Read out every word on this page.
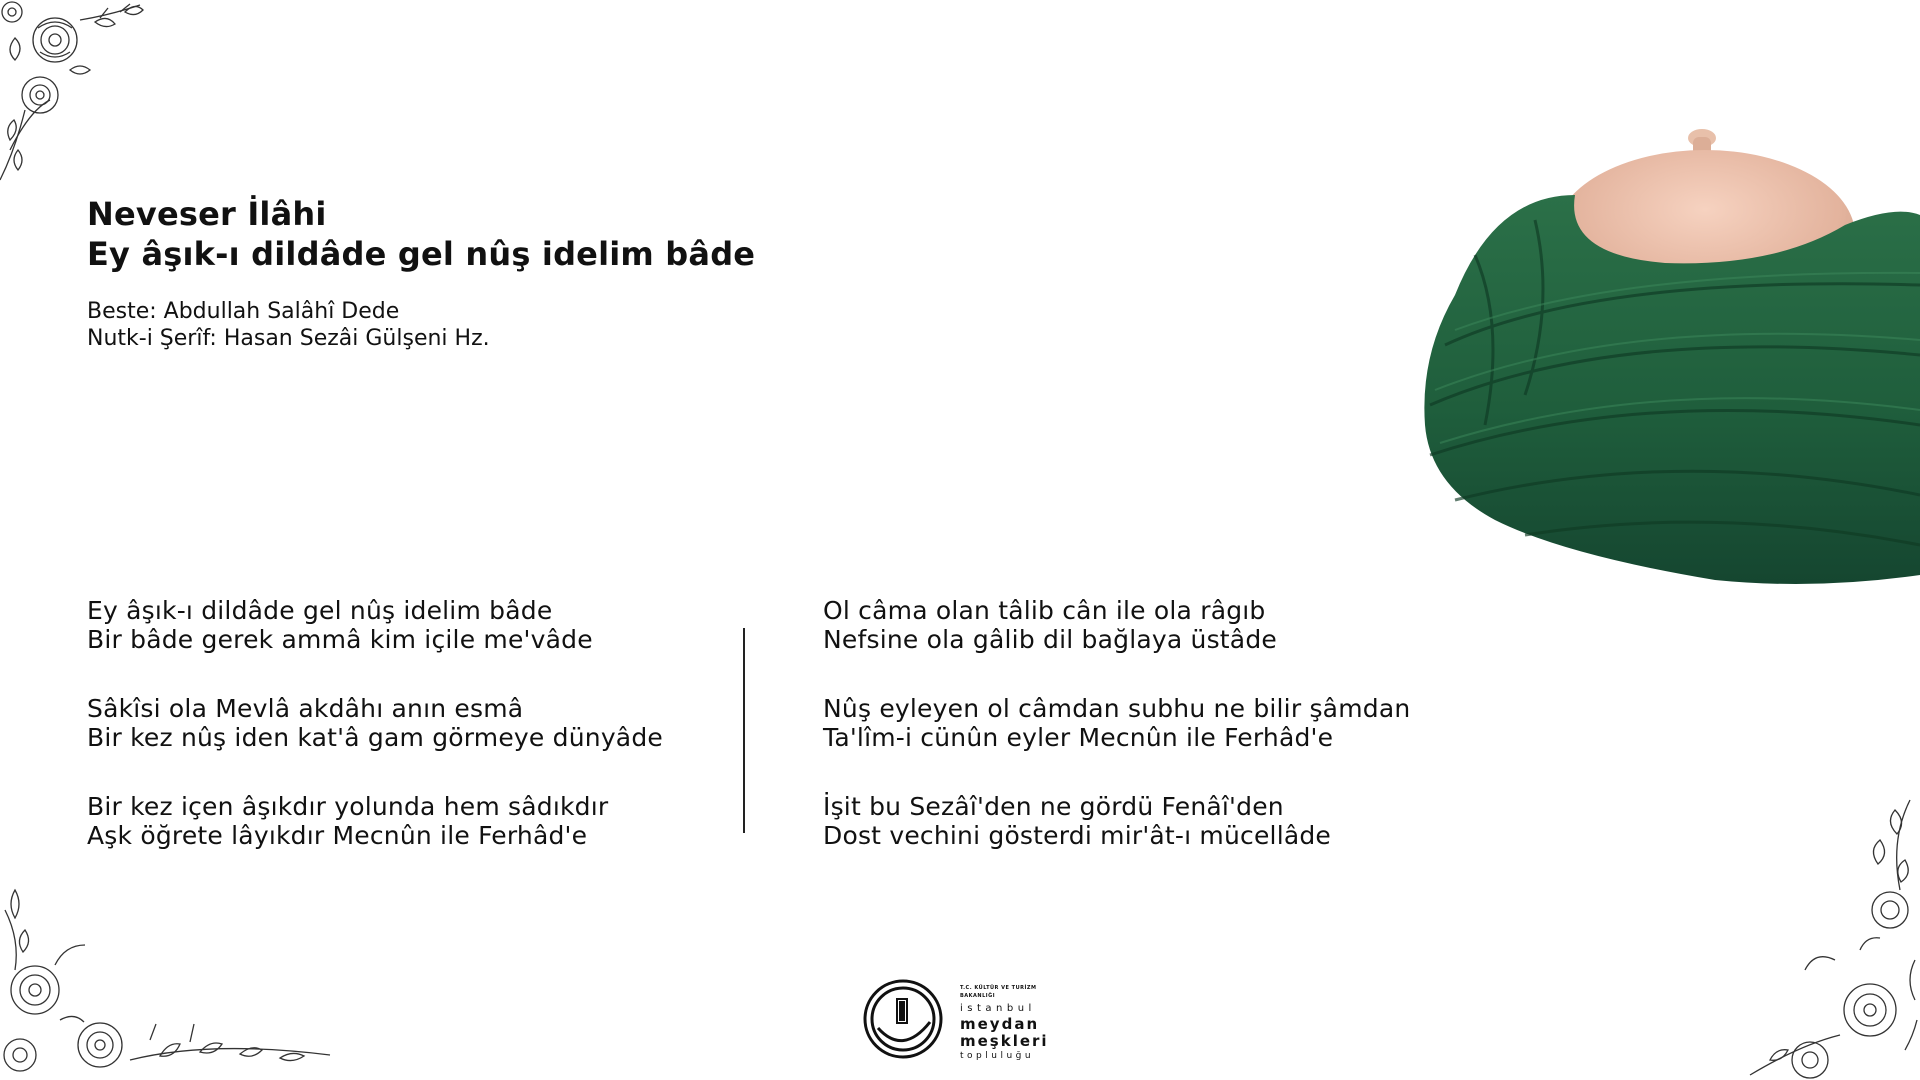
Neveser İlâhi
Ey âşık-ı dildâde gel nûş idelim bâde
Beste: Abdullah Salâhî Dede
Nutk-i Şerîf: Hasan Sezâi Gülşeni Hz.
Ey âşık-ı dildâde gel nûş idelim bâde
Bir bâde gerek ammâ kim içile me'vâde
Sâkîsi ola Mevlâ akdâhı anın esmâ
Bir kez nûş iden kat'â gam görmeye dünyâde
Bir kez içen âşıkdır yolunda hem sâdıkdır
Aşk öğrete lâyıkdır Mecnûn ile Ferhâd'e
Ol câma olan tâlib cân ile ola râgıb
Nefsine ola gâlib dil bağlaya üstâde
Nûş eyleyen ol câmdan subhu ne bilir şâmdan
Ta'lîm-i cünûn eyler Mecnûn ile Ferhâd'e
İşit bu Sezâî'den ne gördü Fenâî'den
Dost vechini gösterdi mir'ât-ı mücellâde
T.C. KÜLTÜR VE TURİZM BAKANLIĞI
istanbul
meydan
meşkleri
topluluğu
